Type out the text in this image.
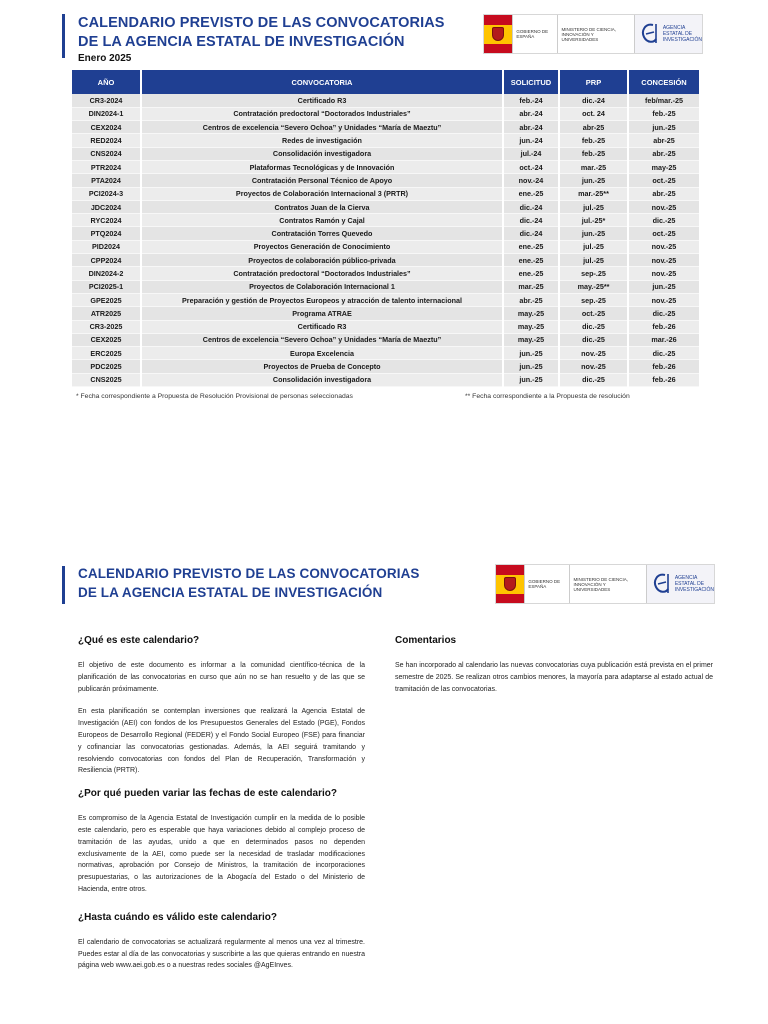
CALENDARIO PREVISTO DE LAS CONVOCATORIAS
DE LA AGENCIA ESTATAL DE INVESTIGACIÓN
GOBIERNO DE ESPAÑA
MINISTERIO DE CIENCIA, INNOVACIÓN Y UNIVERSIDADES
AGENCIA ESTATAL DE INVESTIGACIÓN
Enero 2025
AÑO	CONVOCATORIA	SOLICITUD	PRP	CONCESIÓN
CR3-2024	Certificado R3	feb.-24	dic.-24	feb/mar.-25
DIN2024-1	Contratación predoctoral “Doctorados Industriales”	abr.-24	oct. 24	feb.-25
CEX2024	Centros de excelencia “Severo Ochoa” y Unidades “María de Maeztu”	abr.-24	abr-25	jun.-25
RED2024	Redes de investigación	jun.-24	feb.-25	abr-25
CNS2024	Consolidación investigadora	jul.-24	feb.-25	abr.-25
PTR2024	Plataformas Tecnológicas y de Innovación	oct.-24	mar.-25	may-25
PTA2024	Contratación Personal Técnico de Apoyo	nov.-24	jun.-25	oct.-25
PCI2024-3	Proyectos de Colaboración Internacional 3 (PRTR)	ene.-25	mar.-25**	abr.-25
JDC2024	Contratos Juan de la Cierva	dic.-24	jul.-25	nov.-25
RYC2024	Contratos Ramón y Cajal	dic.-24	jul.-25*	dic.-25
PTQ2024	Contratación Torres Quevedo	dic.-24	jun.-25	oct.-25
PID2024	Proyectos Generación de Conocimiento	ene.-25	jul.-25	nov.-25
CPP2024	Proyectos de colaboración público-privada	ene.-25	jul.-25	nov.-25
DIN2024-2	Contratación predoctoral “Doctorados Industriales”	ene.-25	sep-.25	nov.-25
PCI2025-1	Proyectos de Colaboración Internacional 1	mar.-25	may.-25**	jun.-25
GPE2025	Preparación y gestión de Proyectos Europeos y atracción de talento internacional	abr.-25	sep.-25	nov.-25
ATR2025	Programa ATRAE	may.-25	oct.-25	dic.-25
CR3-2025	Certificado R3	may.-25	dic.-25	feb.-26
CEX2025	Centros de excelencia “Severo Ochoa” y Unidades “María de Maeztu”	may.-25	dic.-25	mar.-26
ERC2025	Europa Excelencia	jun.-25	nov.-25	dic.-25
PDC2025	Proyectos de Prueba de Concepto	jun.-25	nov.-25	feb.-26
CNS2025	Consolidación investigadora	jun.-25	dic.-25	feb.-26
* Fecha correspondiente a Propuesta de Resolución Provisional de personas seleccionadas	** Fecha correspondiente a la Propuesta de resolución
CALENDARIO PREVISTO DE LAS CONVOCATORIAS
DE LA AGENCIA ESTATAL DE INVESTIGACIÓN
GOBIERNO DE ESPAÑA
MINISTERIO DE CIENCIA, INNOVACIÓN Y UNIVERSIDADES
AGENCIA ESTATAL DE INVESTIGACIÓN
¿Qué es este calendario?
El objetivo de este documento es informar a la comunidad científico-técnica de la planificación de las convocatorias en curso que aún no se han resuelto y de las que se publicarán próximamente.
En esta planificación se contemplan inversiones que realizará la Agencia Estatal de Investigación (AEI) con fondos de los Presupuestos Generales del Estado (PGE), Fondos Europeos de Desarrollo Regional (FEDER) y el Fondo Social Europeo (FSE) para financiar y cofinanciar las convocatorias gestionadas. Además, la AEI seguirá tramitando y resolviendo convocatorias con fondos del Plan de Recuperación, Transformación y Resiliencia (PRTR).
¿Por qué pueden variar las fechas de este calendario?
Es compromiso de la Agencia Estatal de Investigación cumplir en la medida de lo posible este calendario, pero es esperable que haya variaciones debido al complejo proceso de tramitación de las ayudas, unido a que en determinados pasos no dependen exclusivamente de la AEI, como puede ser la necesidad de trasladar modificaciones normativas, aprobación por Consejo de Ministros, la tramitación de incorporaciones presupuestarias, o las autorizaciones de la Abogacía del Estado o del Ministerio de Hacienda, entre otros.
¿Hasta cuándo es válido este calendario?
El calendario de convocatorias se actualizará regularmente al menos una vez al trimestre. Puedes estar al día de las convocatorias y suscribirte a las que quieras entrando en nuestra página web www.aei.gob.es o a nuestras redes sociales @AgEInves.
Comentarios
Se han incorporado al calendario las nuevas convocatorias cuya publicación está prevista en el primer semestre de 2025. Se realizan otros cambios menores, la mayoría para adaptarse al estado actual de tramitación de las convocatorias.
